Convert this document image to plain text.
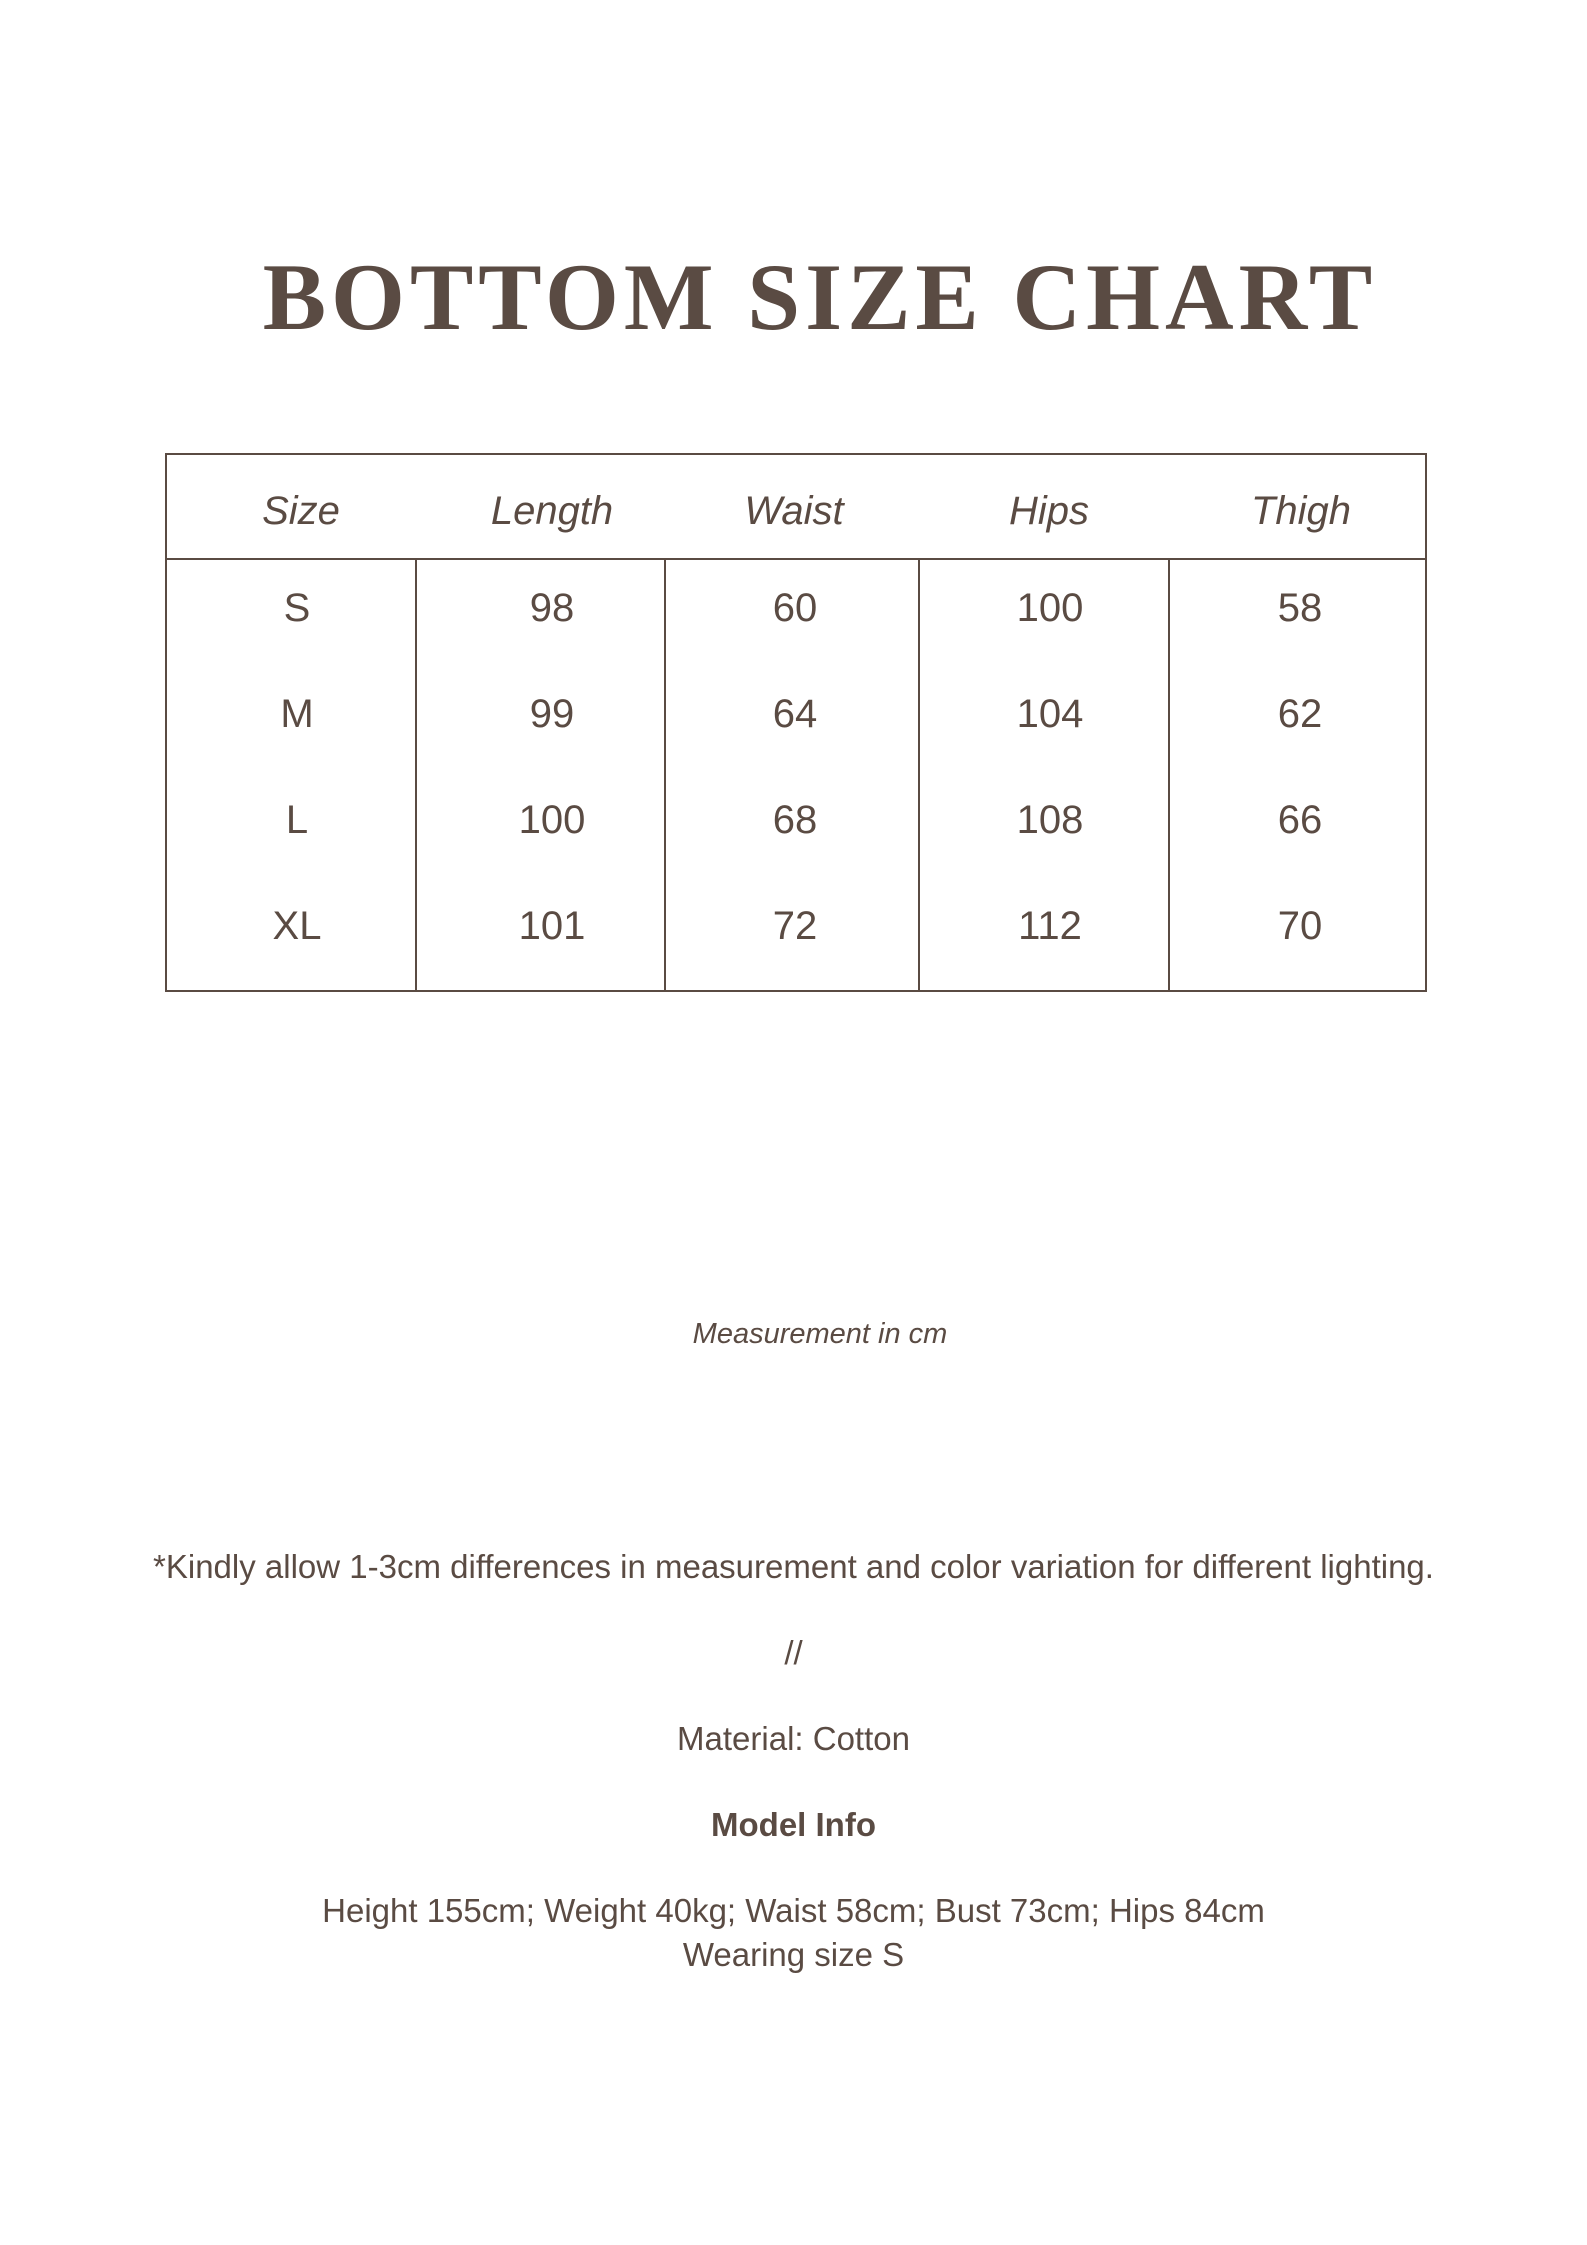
BOTTOM SIZE CHART
Size	Length	Waist	Hips	Thigh
S	98	60	100	58
M	99	64	104	62
L	100	68	108	66
XL	101	72	112	70
Measurement in cm
*Kindly allow 1-3cm differences in measurement and color variation for different lighting.
//
Material: Cotton
Model Info
Height 155cm; Weight 40kg; Waist 58cm; Bust 73cm; Hips 84cm
Wearing size S
